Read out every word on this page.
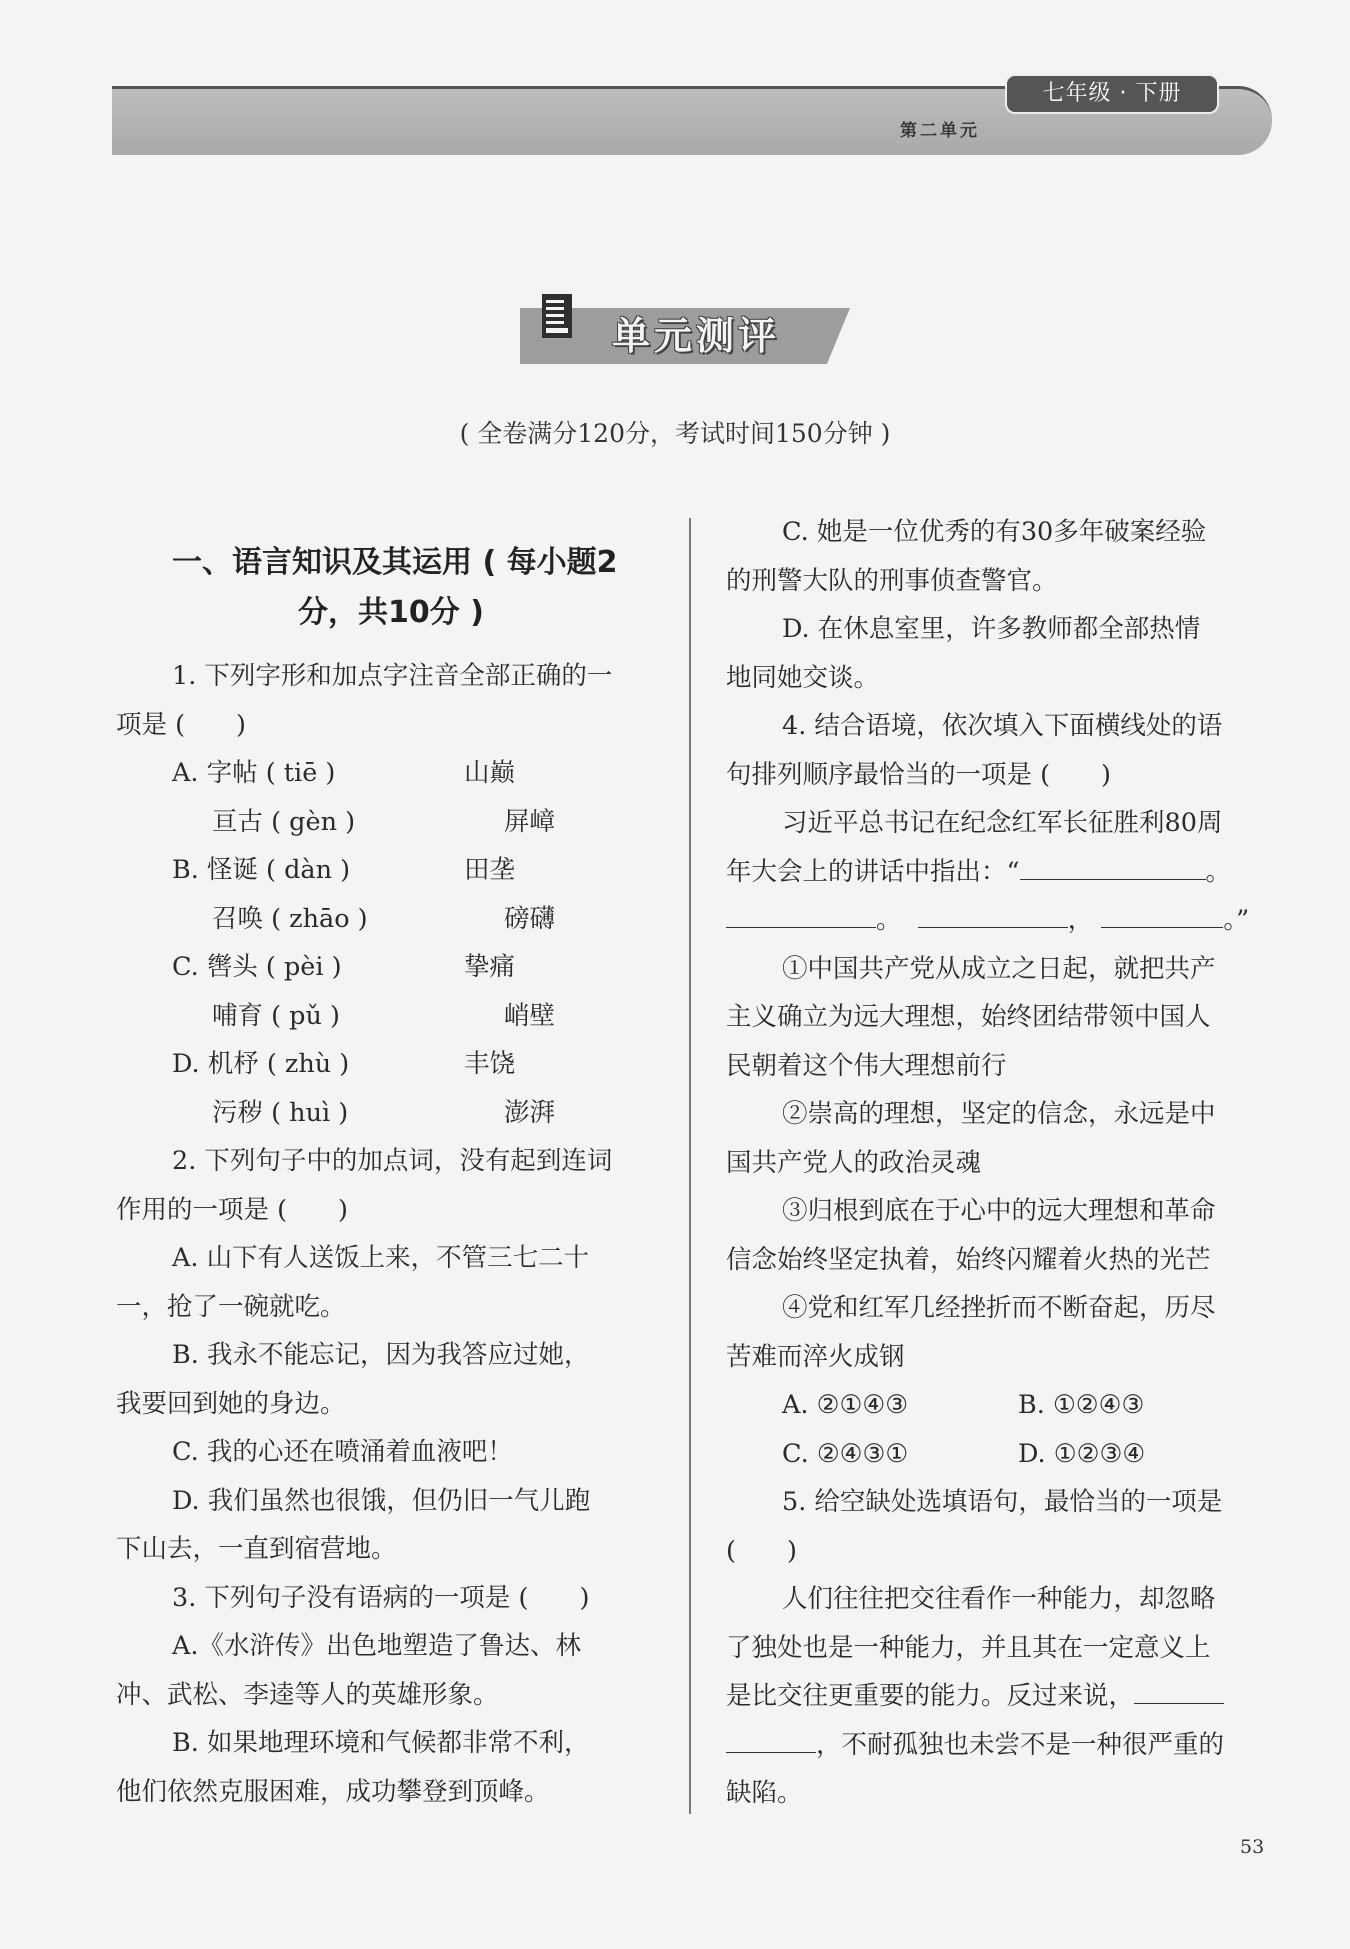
七年级 · 下册
第二单元
单元测评
( 全卷满分120分，考试时间150分钟 )
一、语言知识及其运用 ( 每小题2
分，共10分 )
1. 下列字形和加点字注音全部正确的一
项是 (　　)
A. 字帖 ( tiē )	山巅
亘古 ( gèn )	屏嶂
B. 怪诞 ( dàn )	田垄
召唤 ( zhāo )	磅礴
C. 辔头 ( pèi )	挚痛
哺育 ( pǔ )	峭壁
D. 机杼 ( zhù )	丰饶
污秽 ( huì )	澎湃
2. 下列句子中的加点词，没有起到连词
作用的一项是 (　　)
A. 山下有人送饭上来，不管三七二十
一，抢了一碗就吃。
B. 我永不能忘记，因为我答应过她，
我要回到她的身边。
C. 我的心还在喷涌着血液吧！
D. 我们虽然也很饿，但仍旧一气儿跑
下山去，一直到宿营地。
3. 下列句子没有语病的一项是 (　　)
A.《水浒传》出色地塑造了鲁达、林
冲、武松、李逵等人的英雄形象。
B. 如果地理环境和气候都非常不利，
他们依然克服困难，成功攀登到顶峰。
C. 她是一位优秀的有30多年破案经验
的刑警大队的刑事侦查警官。
D. 在休息室里，许多教师都全部热情
地同她交谈。
4. 结合语境，依次填入下面横线处的语
句排列顺序最恰当的一项是 (　　)
习近平总书记在纪念红军长征胜利80周
年大会上的讲话中指出：“	。
。	，	。”
①中国共产党从成立之日起，就把共产
主义确立为远大理想，始终团结带领中国人
民朝着这个伟大理想前行
②崇高的理想，坚定的信念，永远是中
国共产党人的政治灵魂
③归根到底在于心中的远大理想和革命
信念始终坚定执着，始终闪耀着火热的光芒
④党和红军几经挫折而不断奋起，历尽
苦难而淬火成钢
A. ②①④③	B. ①②④③
C. ②④③①	D. ①②③④
5. 给空缺处选填语句，最恰当的一项是
(　　)
人们往往把交往看作一种能力，却忽略
了独处也是一种能力，并且其在一定意义上
是比交往更重要的能力。反过来说，
，不耐孤独也未尝不是一种很严重的
缺陷。
53
